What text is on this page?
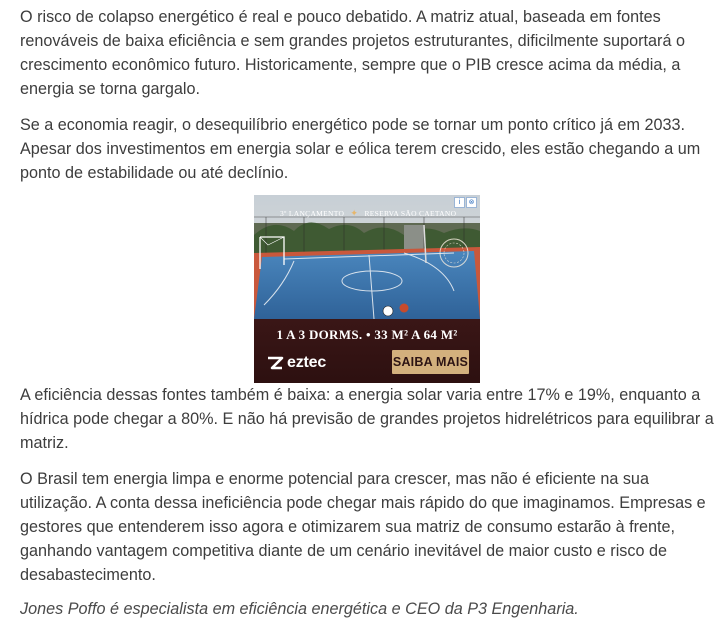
O risco de colapso energético é real e pouco debatido. A matriz atual, baseada em fontes renováveis de baixa eficiência e sem grandes projetos estruturantes, dificilmente suportará o crescimento econômico futuro. Historicamente, sempre que o PIB cresce acima da média, a energia se torna gargalo.

Se a economia reagir, o desequilíbrio energético pode se tornar um ponto crítico já em 2033. Apesar dos investimentos em energia solar e eólica terem crescido, eles estão chegando a um ponto de estabilidade ou até declínio.

A eficiência dessas fontes também é baixa: a energia solar varia entre 17% e 19%, enquanto a hídrica pode chegar a 80%. E não há previsão de grandes projetos hidrelétricos para equilibrar a matriz.

O Brasil tem energia limpa e enorme potencial para crescer, mas não é eficiente na sua utilização. A conta dessa ineficiência pode chegar mais rápido do que imaginamos. Empresas e gestores que entenderem isso agora e otimizarem sua matriz de consumo estarão à frente, ganhando vantagem competitiva diante de um cenário inevitável de maior custo e risco de desabastecimento.

Jones Poffo é especialista em eficiência energética e CEO da P3 Engenharia.

3º LANÇAMENTO ✦ RESERVA SÃO CAETANO
i	⊗
1 A 3 DORMS. • 33 M² A 64 M²
eztec	SAIBA MAIS
